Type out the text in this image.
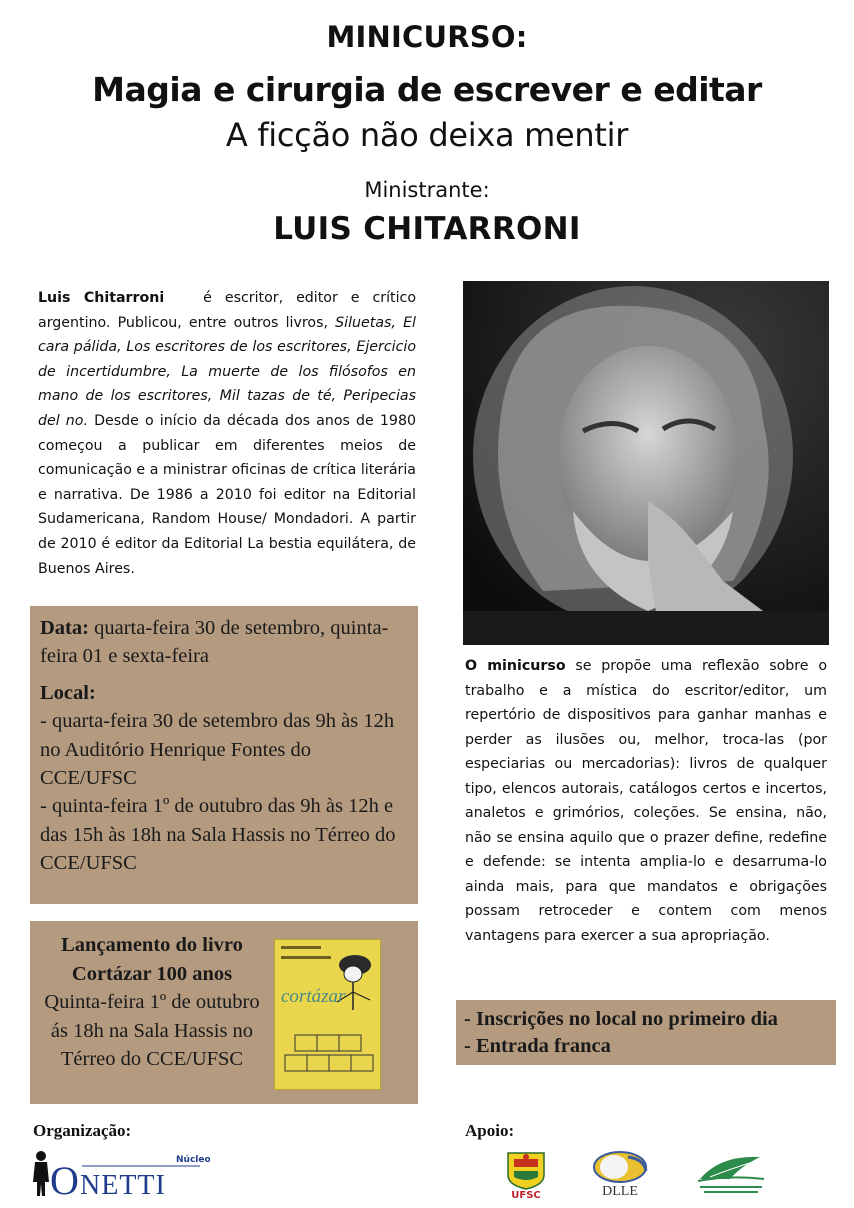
MINICURSO:
Magia e cirurgia de escrever e editar
A ficção não deixa mentir
Ministrante:
LUIS CHITARRONI
Luis Chitarroni	é escritor, editor e crítico argentino. Publicou, entre outros livros, Siluetas, El cara pálida, Los escritores de los escritores, Ejercicio de incertidumbre, La muerte de los filósofos en mano de los escritores, Mil tazas de té, Peripecias del no. Desde o início da década dos anos de 1980 começou a publicar em diferentes meios de comunicação e a ministrar oficinas de crítica literária e narrativa. De 1986 a 2010 foi editor na Editorial Sudamericana, Random House/ Mondadori. A partir de 2010 é editor da Editorial La bestia equilátera, de Buenos Aires.
O minicurso se propõe uma reflexão sobre o trabalho e a mística do escritor/editor, um repertório de dispositivos para ganhar manhas e perder as ilusões ou, melhor, troca-las (por especiarias ou mercadorias): livros de qualquer tipo, elencos autorais, catálogos certos e incertos, analetos e grimórios, coleções. Se ensina, não, não se ensina aquilo que o prazer define, redefine e defende: se intenta amplia-lo e desarruma-lo ainda mais, para que mandatos e obrigações possam retroceder e contem com menos vantagens para exercer a sua apropriação.
Data: quarta-feira 30 de setembro, quinta-feira 01 e sexta-feira
Local:
- quarta-feira 30 de setembro das 9h às 12h no Auditório Henrique Fontes do CCE/UFSC
- quinta-feira 1º de outubro das 9h às 12h e das 15h às 18h na Sala Hassis no Térreo do CCE/UFSC
Lançamento do livro
Cortázar 100 anos
Quinta-feira 1º de outubro ás 18h na Sala Hassis no Térreo do CCE/UFSC
cortázar
- Inscrições no local no primeiro dia
- Entrada franca
Organização:	Apoio:
O NETTI
Núcleo
UFSC	DLLE
